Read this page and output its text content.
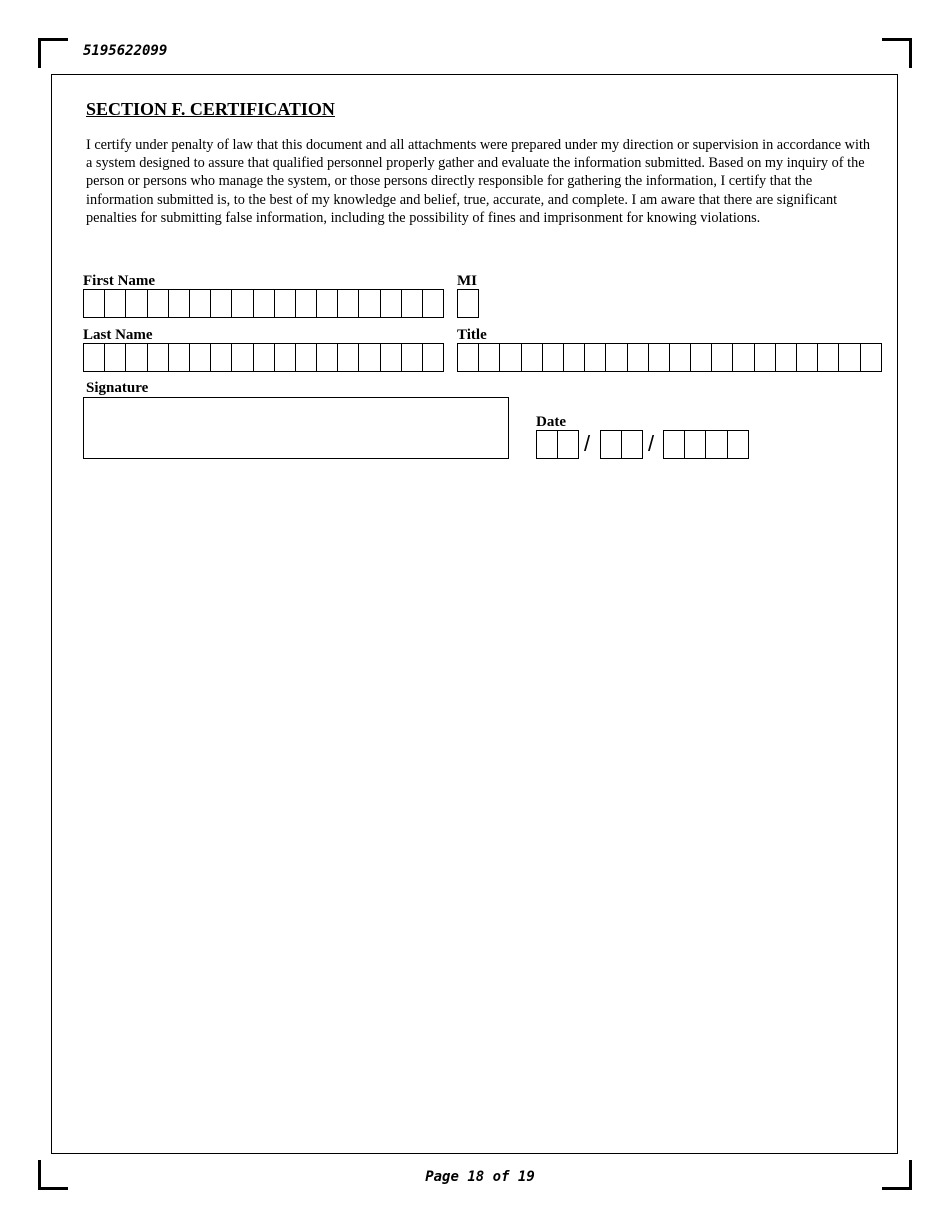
5195622099
SECTION F. CERTIFICATION

I certify under penalty of law that this document and all attachments were prepared under my direction or supervision in accordance with a system designed to assure that qualified personnel properly gather and evaluate the information submitted. Based on my inquiry of the person or persons who manage the system, or those persons directly responsible for gathering the information, I certify that the information submitted is, to the best of my knowledge and belief, true, accurate, and complete. I am aware that there are significant penalties for submitting false information, including the possibility of fines and imprisonment for knowing violations.

First Name	MI
Last Name	Title
Signature
Date
/	/
Page 18 of 19
